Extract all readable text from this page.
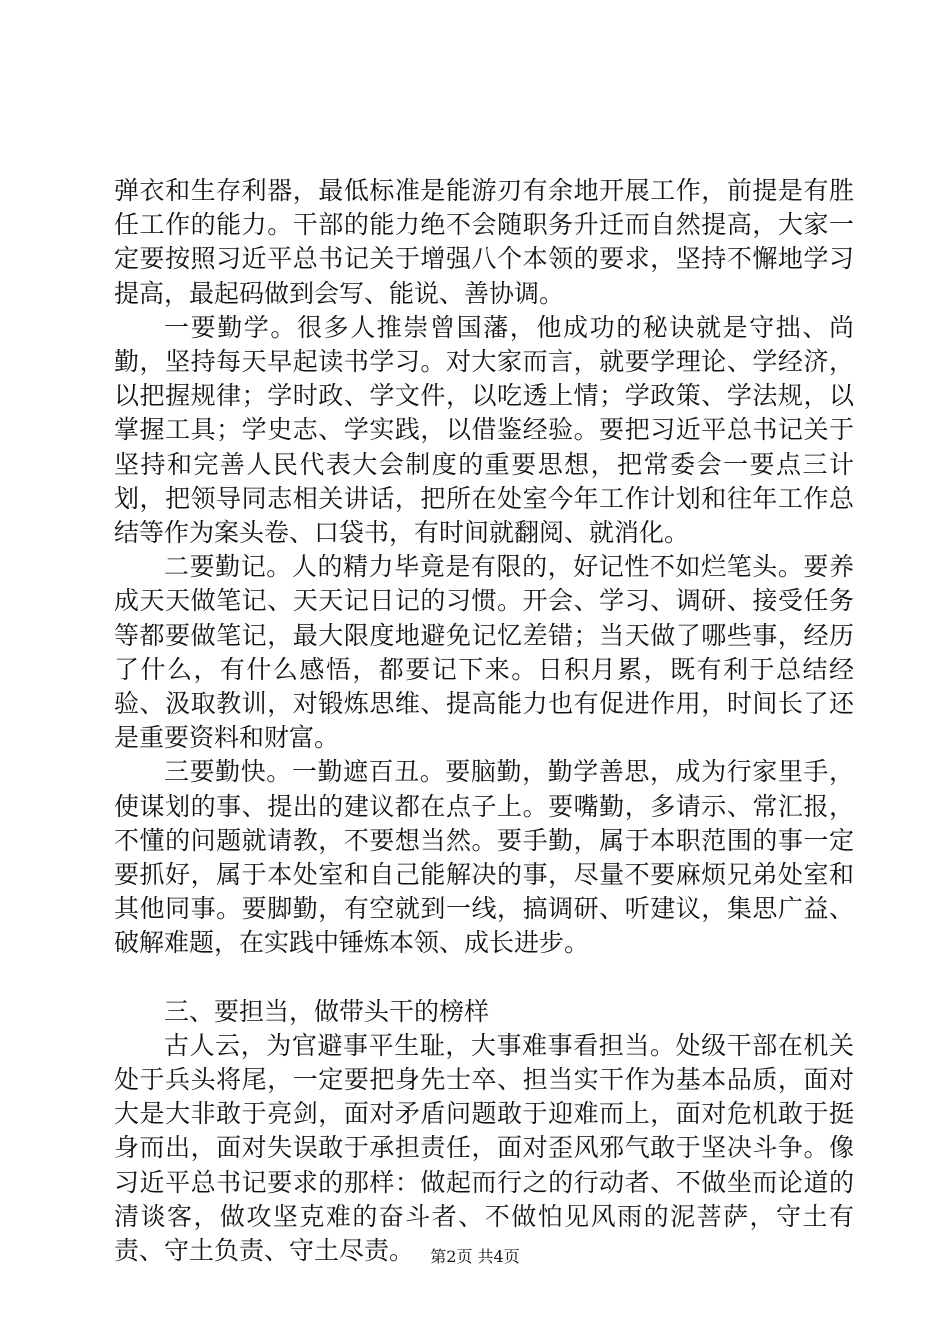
弹衣和生存利器，最低标准是能游刃有余地开展工作，前提是有胜任工作的能力。干部的能力绝不会随职务升迁而自然提高，大家一定要按照习近平总书记关于增强八个本领的要求，坚持不懈地学习提高，最起码做到会写、能说、善协调。

一要勤学。很多人推崇曾国藩，他成功的秘诀就是守拙、尚勤，坚持每天早起读书学习。对大家而言，就要学理论、学经济，以把握规律；学时政、学文件，以吃透上情；学政策、学法规，以掌握工具；学史志、学实践，以借鉴经验。要把习近平总书记关于坚持和完善人民代表大会制度的重要思想，把常委会一要点三计划，把领导同志相关讲话，把所在处室今年工作计划和往年工作总结等作为案头卷、口袋书，有时间就翻阅、就消化。

二要勤记。人的精力毕竟是有限的，好记性不如烂笔头。要养成天天做笔记、天天记日记的习惯。开会、学习、调研、接受任务等都要做笔记，最大限度地避免记忆差错；当天做了哪些事，经历了什么，有什么感悟，都要记下来。日积月累，既有利于总结经验、汲取教训，对锻炼思维、提高能力也有促进作用，时间长了还是重要资料和财富。

三要勤快。一勤遮百丑。要脑勤，勤学善思，成为行家里手，使谋划的事、提出的建议都在点子上。要嘴勤，多请示、常汇报，不懂的问题就请教，不要想当然。要手勤，属于本职范围的事一定要抓好，属于本处室和自己能解决的事，尽量不要麻烦兄弟处室和其他同事。要脚勤，有空就到一线，搞调研、听建议，集思广益、破解难题，在实践中锤炼本领、成长进步。

三、要担当，做带头干的榜样

古人云，为官避事平生耻，大事难事看担当。处级干部在机关处于兵头将尾，一定要把身先士卒、担当实干作为基本品质，面对大是大非敢于亮剑，面对矛盾问题敢于迎难而上，面对危机敢于挺身而出，面对失误敢于承担责任，面对歪风邪气敢于坚决斗争。像习近平总书记要求的那样：做起而行之的行动者、不做坐而论道的清谈客，做攻坚克难的奋斗者、不做怕见风雨的泥菩萨，守土有责、守土负责、守土尽责。	第2页 共4页
